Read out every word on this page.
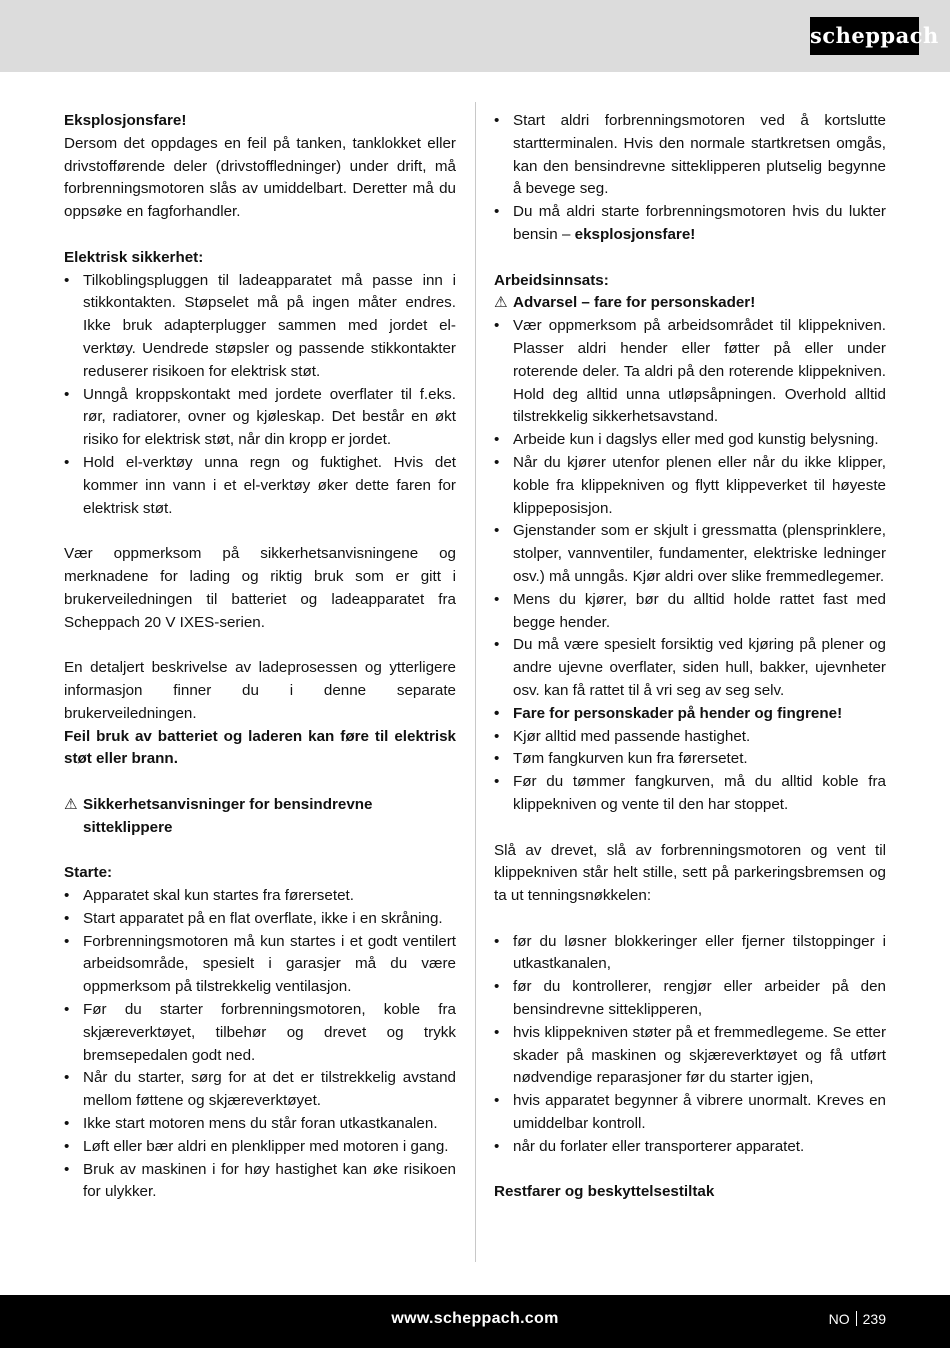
scheppach
Eksplosjonsfare!

Dersom det oppdages en feil på tanken, tanklokket eller drivstofførende deler (drivstoffledninger) under drift, må forbrenningsmotoren slås av umiddelbart. Deretter må du oppsøke en fagforhandler.

Elektrisk sikkerhet:
• Tilkoblingspluggen til ladeapparatet må passe inn i stikkontakten. Støpselet må på ingen måter endres. Ikke bruk adapterplugger sammen med jordet el-verktøy. Uendrede støpsler og passende stikkontakter reduserer risikoen for elektrisk støt.
• Unngå kroppskontakt med jordete overflater til f.eks. rør, radiatorer, ovner og kjøleskap. Det består en økt risiko for elektrisk støt, når din kropp er jordet.
• Hold el-verktøy unna regn og fuktighet. Hvis det kommer inn vann i et el-verktøy øker dette faren for elektrisk støt.

Vær oppmerksom på sikkerhetsanvisningene og merknadene for lading og riktig bruk som er gitt i brukerveiledningen til batteriet og ladeapparatet fra Scheppach 20 V IXES-serien.

En detaljert beskrivelse av ladeprosessen og ytterligere informasjon finner du i denne separate brukerveiledningen.

Feil bruk av batteriet og laderen kan føre til elektrisk støt eller brann.

⚠ Sikkerhetsanvisninger for bensindrevne sitteklippere
Starte:
• Apparatet skal kun startes fra førersetet.
• Start apparatet på en flat overflate, ikke i en skråning.
• Forbrenningsmotoren må kun startes i et godt ventilert arbeidsområde, spesielt i garasjer må du være oppmerksom på tilstrekkelig ventilasjon.
• Før du starter forbrenningsmotoren, koble fra skjæreverktøyet, tilbehør og drevet og trykk bremsepedalen godt ned.
• Når du starter, sørg for at det er tilstrekkelig avstand mellom føttene og skjæreverktøyet.
• Ikke start motoren mens du står foran utkastkanalen.
• Løft eller bær aldri en plenklipper med motoren i gang.
• Bruk av maskinen i for høy hastighet kan øke risikoen for ulykker.
• Start aldri forbrenningsmotoren ved å kortslutte startterminalen. Hvis den normale startkretsen omgås, kan den bensindrevne sitteklipperen plutselig begynne å bevege seg.
• Du må aldri starte forbrenningsmotoren hvis du lukter bensin – eksplosjonsfare!
Arbeidsinnsats:
⚠ Advarsel – fare for personskader!
• Vær oppmerksom på arbeidsområdet til klippekniven. Plasser aldri hender eller føtter på eller under roterende deler. Ta aldri på den roterende klippekniven. Hold deg alltid unna utløpsåpningen. Overhold alltid tilstrekkelig sikkerhetsavstand.
• Arbeide kun i dagslys eller med god kunstig belysning.
• Når du kjører utenfor plenen eller når du ikke klipper, koble fra klippekniven og flytt klippeverket til høyeste klippeposisjon.
• Gjenstander som er skjult i gressmatta (plensprinklere, stolper, vannventiler, fundamenter, elektriske ledninger osv.) må unngås. Kjør aldri over slike fremmedlegemer.
• Mens du kjører, bør du alltid holde rattet fast med begge hender.
• Du må være spesielt forsiktig ved kjøring på plener og andre ujevne overflater, siden hull, bakker, ujevnheter osv. kan få rattet til å vri seg av seg selv.
• Fare for personskader på hender og fingrene!
• Kjør alltid med passende hastighet.
• Tøm fangkurven kun fra førersetet.
• Før du tømmer fangkurven, må du alltid koble fra klippekniven og vente til den har stoppet.

Slå av drevet, slå av forbrenningsmotoren og vent til klippekniven står helt stille, sett på parkeringsbremsen og ta ut tenningsnøkkelen:

• før du løsner blokkeringer eller fjerner tilstoppinger i utkastkanalen,
• før du kontrollerer, rengjør eller arbeider på den bensindrevne sitteklipperen,
• hvis klippekniven støter på et fremmedlegeme. Se etter skader på maskinen og skjæreverktøyet og få utført nødvendige reparasjoner før du starter igjen,
• hvis apparatet begynner å vibrere unormalt. Kreves en umiddelbar kontroll.
• når du forlater eller transporterer apparatet.
Restfarer og beskyttelsestiltak
www.scheppach.com	NO 239
